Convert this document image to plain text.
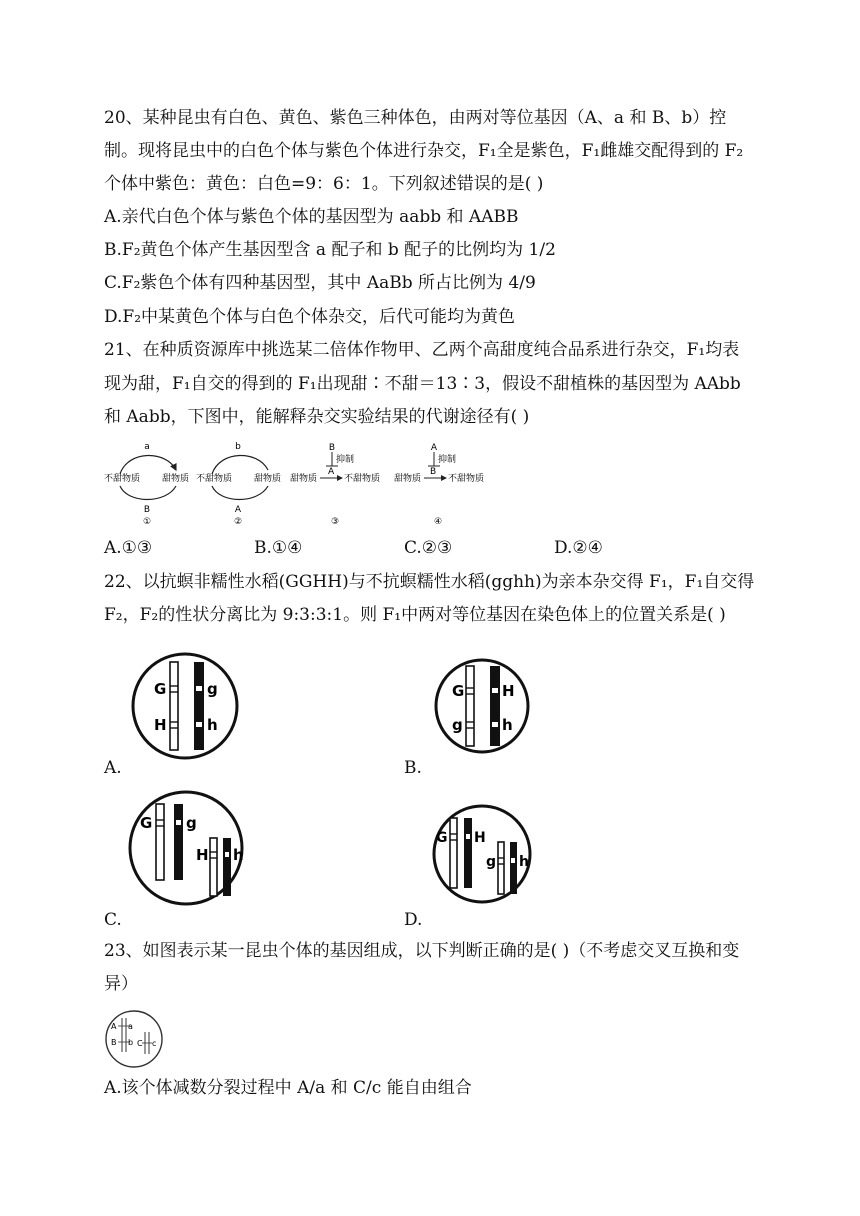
20、某种昆虫有白色、黄色、紫色三种体色，由两对等位基因（A、a 和 B、b）控
制。现将昆虫中的白色个体与紫色个体进行杂交，F₁全是紫色，F₁雌雄交配得到的 F₂
个体中紫色：黄色：白色=9：6：1。下列叙述错误的是( )
A.亲代白色个体与紫色个体的基因型为 aabb 和 AABB
B.F₂黄色个体产生基因型含 a 配子和 b 配子的比例均为 1/2
C.F₂紫色个体有四种基因型，其中 AaBb 所占比例为 4/9
D.F₂中某黄色个体与白色个体杂交，后代可能均为黄色
21、在种质资源库中挑选某二倍体作物甲、乙两个高甜度纯合品系进行杂交，F₁均表
现为甜，F₁自交的得到的 F₁出现甜∶不甜＝13∶3，假设不甜植株的基因型为 AAbb
和 Aabb，下图中，能解释杂交实验结果的代谢途径有( )
a
不甜物质 甜物质
B
①
b
不甜物质 甜物质
A
②
B
抑制
A
甜物质	不甜物质
③
A
抑制
B
甜物质	不甜物质
④
A.①③	B.①④	C.②③	D.②④
22、以抗螟非糯性水稻(GGHH)与不抗螟糯性水稻(gghh)为亲本杂交得 F₁，F₁自交得
F₂，F₂的性状分离比为 9:3:3:1。则 F₁中两对等位基因在染色体上的位置关系是( )
G
H
g
h
A.
G
g
H
h
B.
G g
H h
C.
G H
g h
D.
23、如图表示某一昆虫个体的基因组成，以下判断正确的是( )（不考虑交叉互换和变
异）
A a
B b C c
A.该个体减数分裂过程中 A/a 和 C/c 能自由组合
